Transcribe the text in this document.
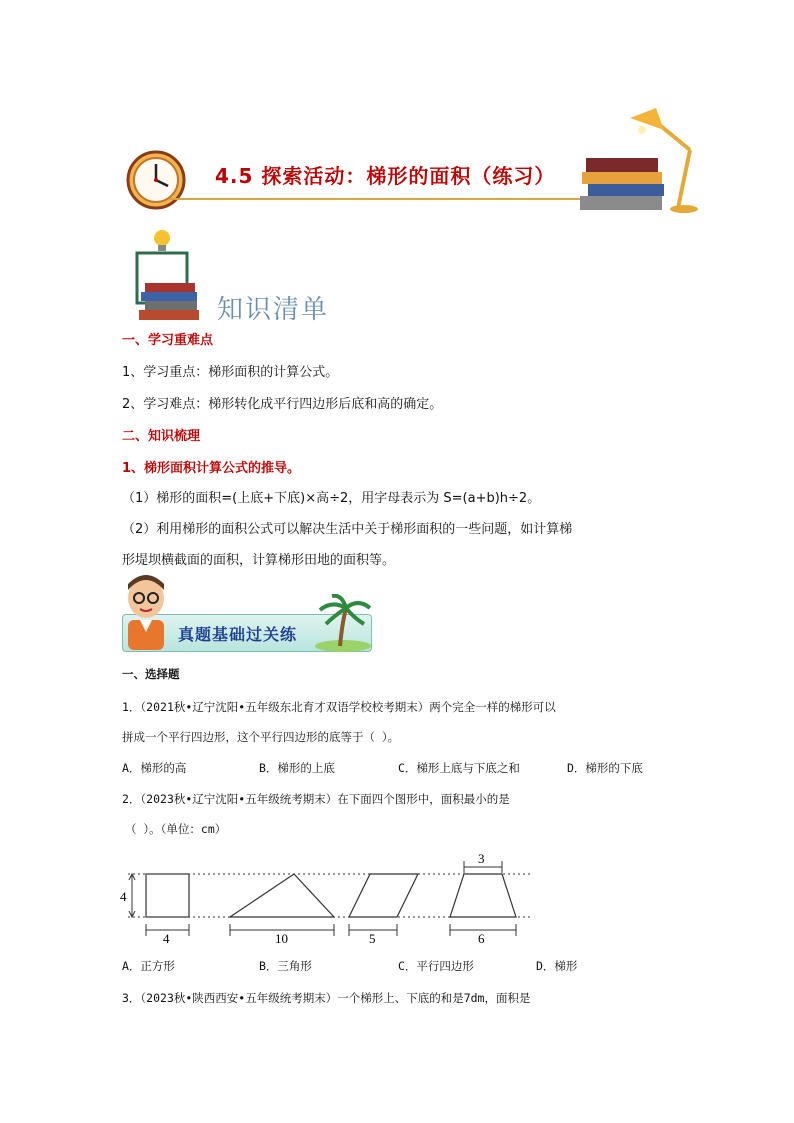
4.5 探索活动：梯形的面积（练习）
知识清单
一、学习重难点
1、学习重点：梯形面积的计算公式。
2、学习难点：梯形转化成平行四边形后底和高的确定。
二、知识梳理
1、梯形面积计算公式的推导。
（1）梯形的面积=(上底+下底)×高÷2，用字母表示为 S=(a+b)h÷2。
（2）利用梯形的面积公式可以解决生活中关于梯形面积的一些问题，如计算梯
形堤坝横截面的面积，计算梯形田地的面积等。
真题基础过关练
一、选择题
1．（2021秋•辽宁沈阳•五年级东北育才双语学校校考期末）两个完全一样的梯形可以
拼成一个平行四边形，这个平行四边形的底等于（ ）。
A．梯形的高	B．梯形的上底	C．梯形上底与下底之和	D．梯形的下底
2．（2023秋•辽宁沈阳•五年级统考期末）在下面四个图形中，面积最小的是
（ ）。（单位：cm）
4
4	10	5
3
6
A．正方形	B．三角形	C．平行四边形	D．梯形
3．（2023秋•陕西西安•五年级统考期末）一个梯形上、下底的和是7dm，面积是
